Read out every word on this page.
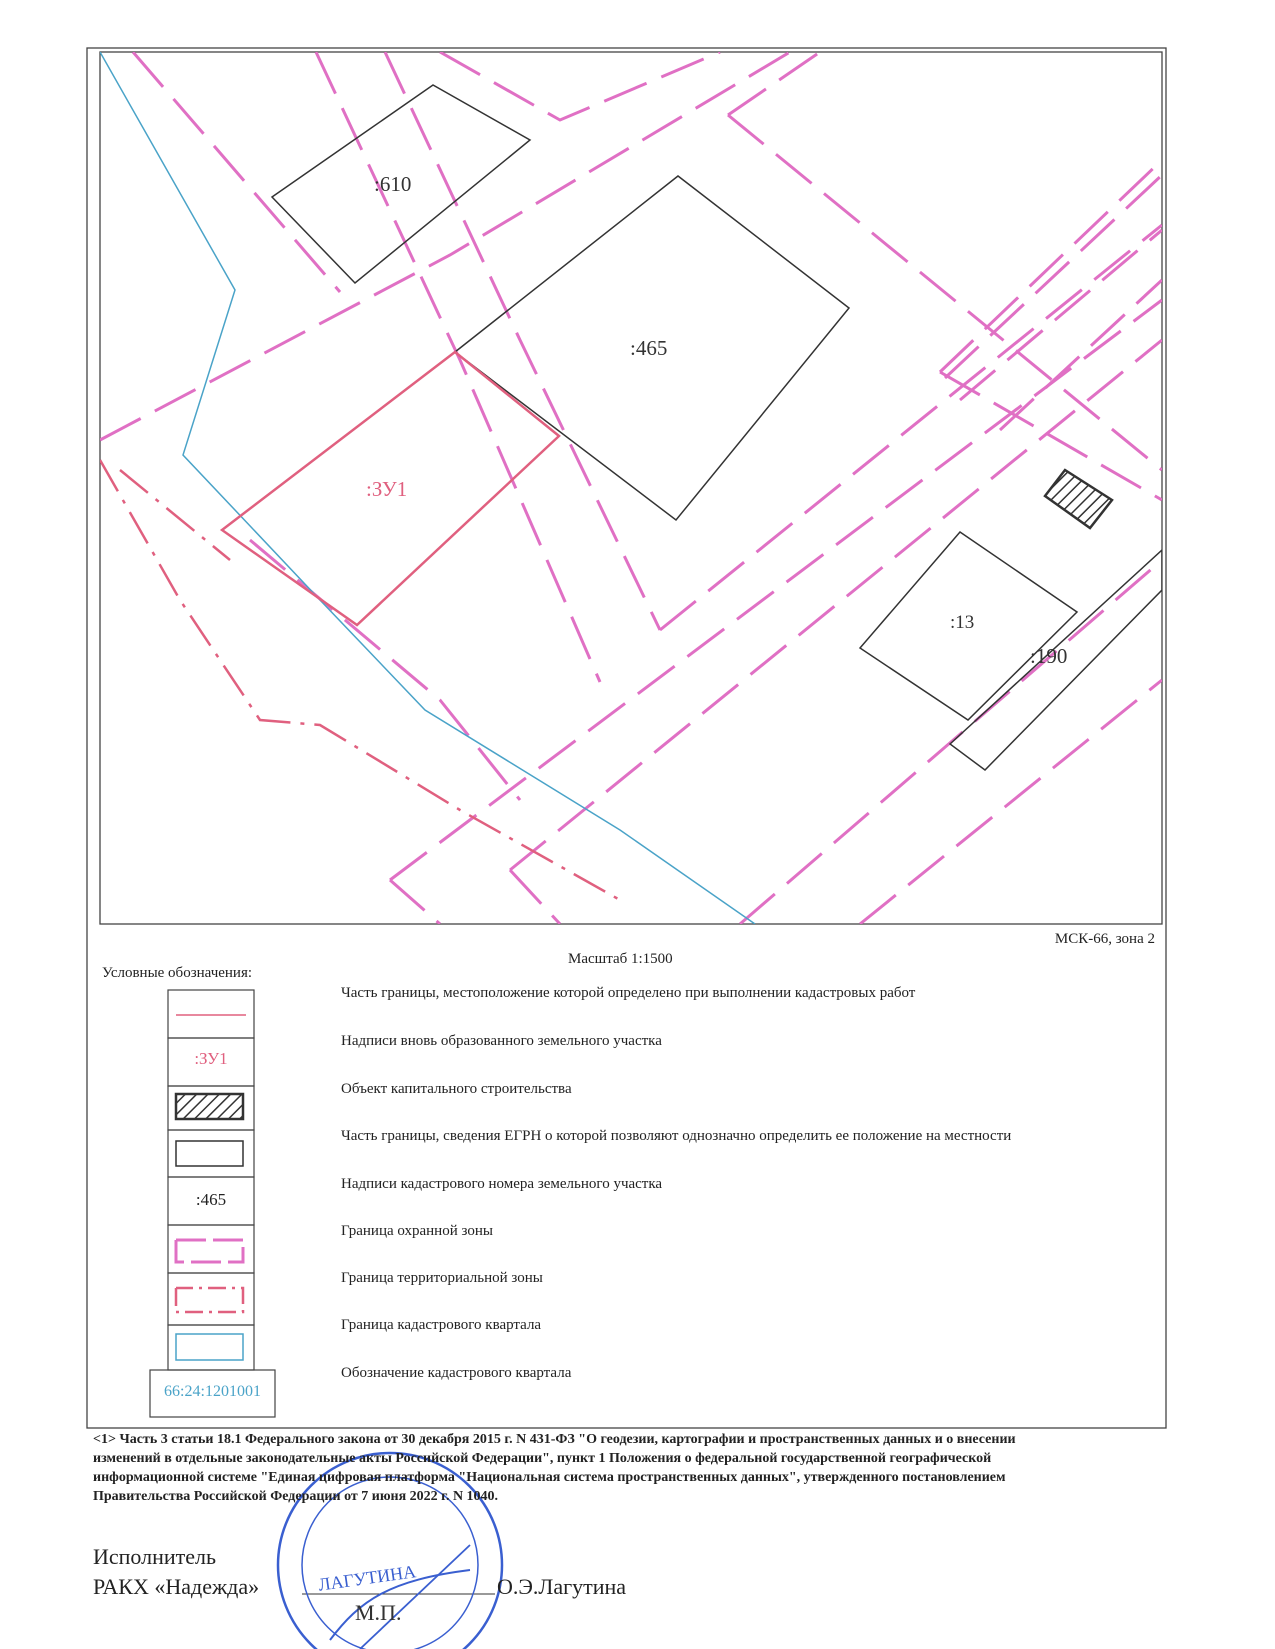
:610
:465
:ЗУ1
:13
:190
МСК-66, зона 2
Масштаб 1:1500
Условные обозначения:
:ЗУ1
:465
66:24:1201001
Часть границы, местоположение которой определено при выполнении кадастровых работ
Надписи вновь образованного земельного участка
Объект капитального строительства
Часть границы, сведения ЕГРН о которой позволяют однозначно определить ее положение на местности
Надписи кадастрового номера земельного участка
Граница охранной зоны
Граница территориальной зоны
Граница кадастрового квартала
Обозначение кадастрового квартала
<1> Часть 3 статьи 18.1 Федерального закона от 30 декабря 2015 г. N 431-ФЗ "О геодезии, картографии и пространственных данных и о внесении
изменений в отдельные законодательные акты Российской Федерации", пункт 1 Положения о федеральной государственной географической
информационной системе "Единая цифровая платформа "Национальная система пространственных данных", утвержденного постановлением
Правительства Российской Федерации от 7 июня 2022 г. N 1040.
Исполнитель
РАКХ «Надежда»	О.Э.Лагутина
М.П.
ЛАГУТИНА
